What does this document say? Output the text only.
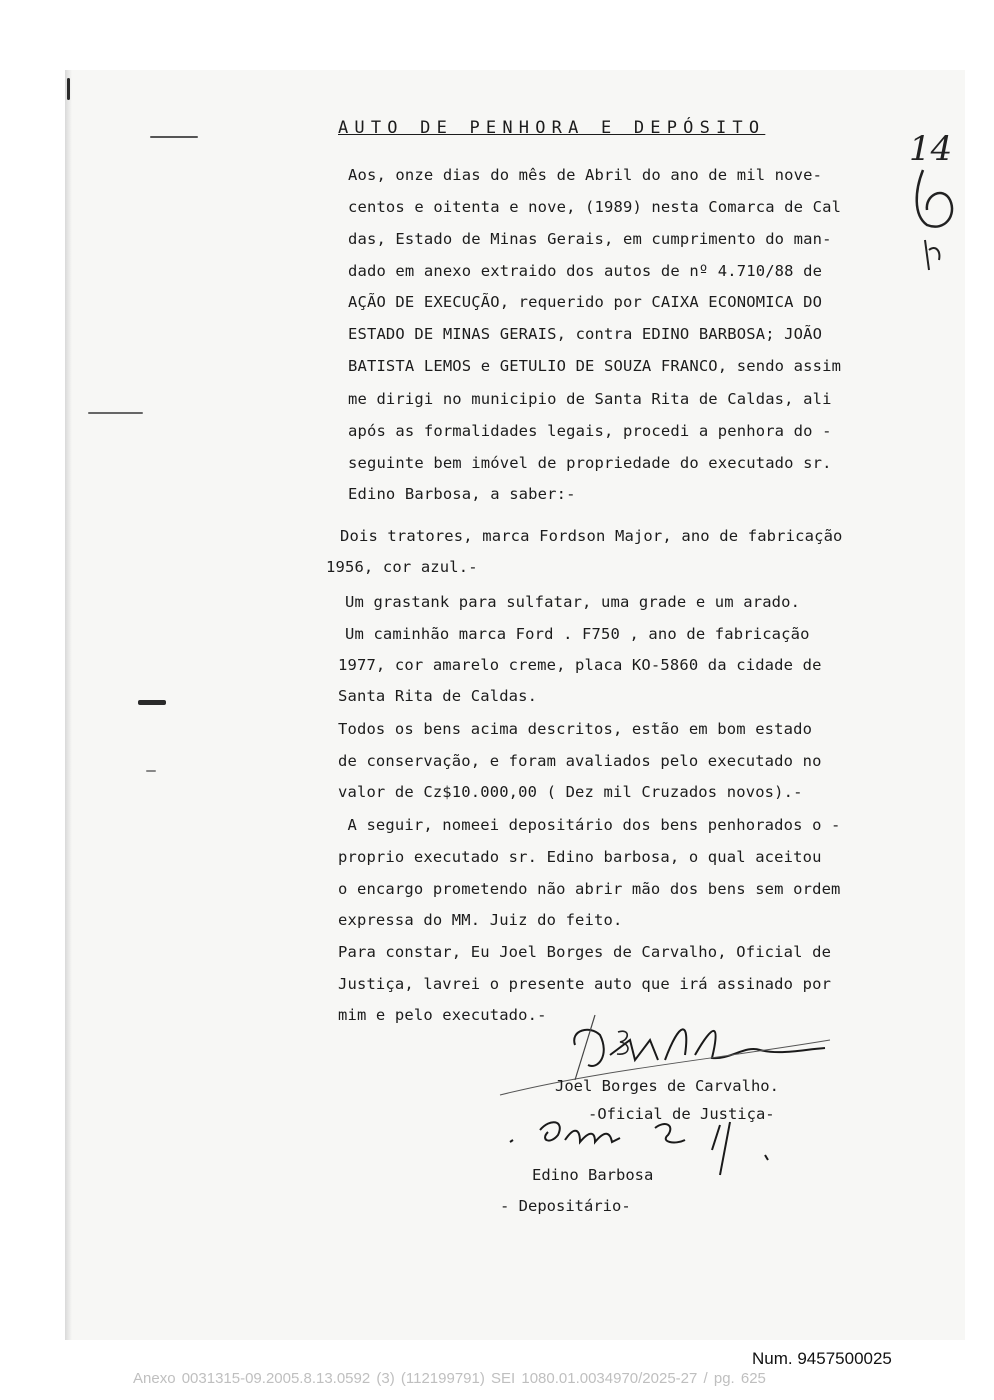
AUTO DE PENHORA E DEPÓSITO
Aos, onze dias do mês de Abril do ano de mil nove-
centos e oitenta e nove, (1989) nesta Comarca de Cal
das, Estado de Minas Gerais, em cumprimento do man-
dado em anexo extraido dos autos de nº 4.710/88 de
AÇÃO DE EXECUÇÃO, requerido por CAIXA ECONOMICA DO
ESTADO DE MINAS GERAIS, contra EDINO BARBOSA; JOÃO
BATISTA LEMOS e GETULIO DE SOUZA FRANCO, sendo assim
me dirigi no municipio de Santa Rita de Caldas, ali
após as formalidades legais, procedi a penhora do -
seguinte bem imóvel de propriedade do executado sr.
Edino Barbosa, a saber:-
Dois tratores, marca Fordson Major, ano de fabricação
1956, cor azul.-
Um grastank para sulfatar, uma grade e um arado.
Um caminhão marca Ford . F750 , ano de fabricação
1977, cor amarelo creme, placa KO-5860 da cidade de
Santa Rita de Caldas.
Todos os bens acima descritos, estão em bom estado
de conservação, e foram avaliados pelo executado no
valor de Cz$10.000,00 ( Dez mil Cruzados novos).-
A seguir, nomeei depositário dos bens penhorados o -
proprio executado sr. Edino barbosa, o qual aceitou
o encargo prometendo não abrir mão dos bens sem ordem
expressa do MM. Juiz do feito.
Para constar, Eu Joel Borges de Carvalho, Oficial de
Justiça, lavrei o presente auto que irá assinado por
mim e pelo executado.-
14
Joel Borges de Carvalho.
-Oficial de Justiça-
Edino Barbosa
- Depositário-
Num. 9457500025
Anexo 0031315-09.2005.8.13.0592 (3) (112199791) SEI 1080.01.0034970/2025-27 / pg. 625
